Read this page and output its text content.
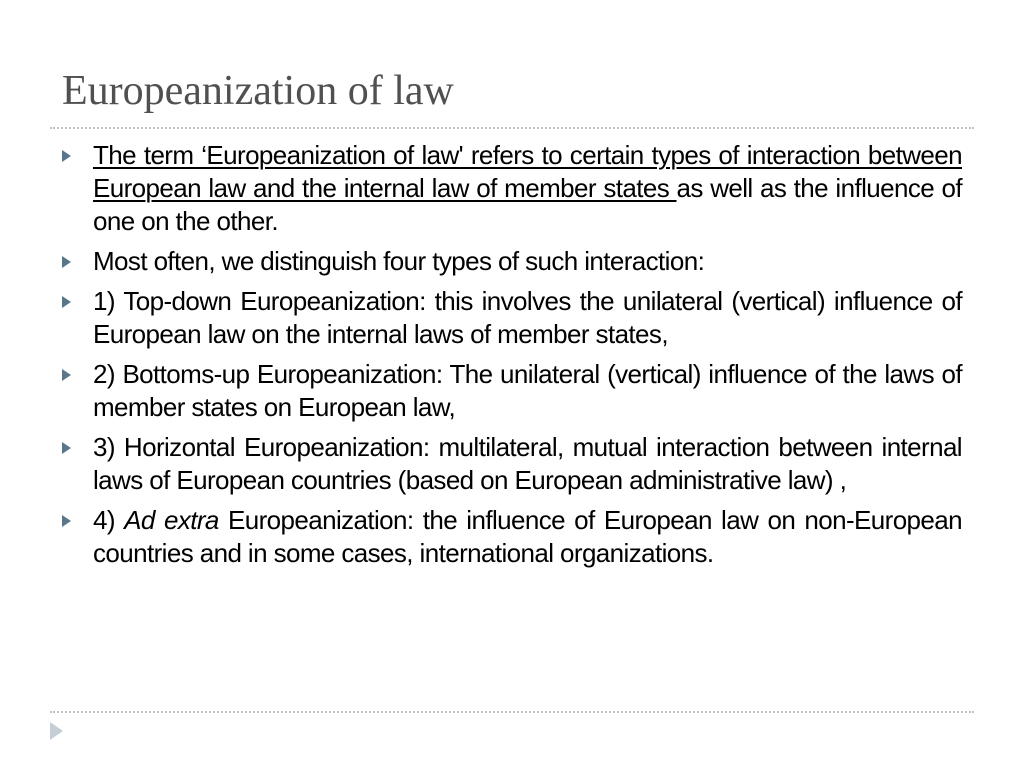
Europeanization of law
The term ‘Europeanization of law' refers to certain types of interaction between European law and the internal law of member states as well as the influence of one on the other.
Most often, we distinguish four types of such interaction:
1) Top-down Europeanization: this involves the unilateral (vertical) influence of European law on the internal laws of member states,
2) Bottoms-up Europeanization: The unilateral (vertical) influence of the laws of member states on European law,
3) Horizontal Europeanization: multilateral, mutual interaction between internal laws of European countries (based on European administrative law) ,
4) Ad extra Europeanization: the influence of European law on non-European countries and in some cases, international organizations.
